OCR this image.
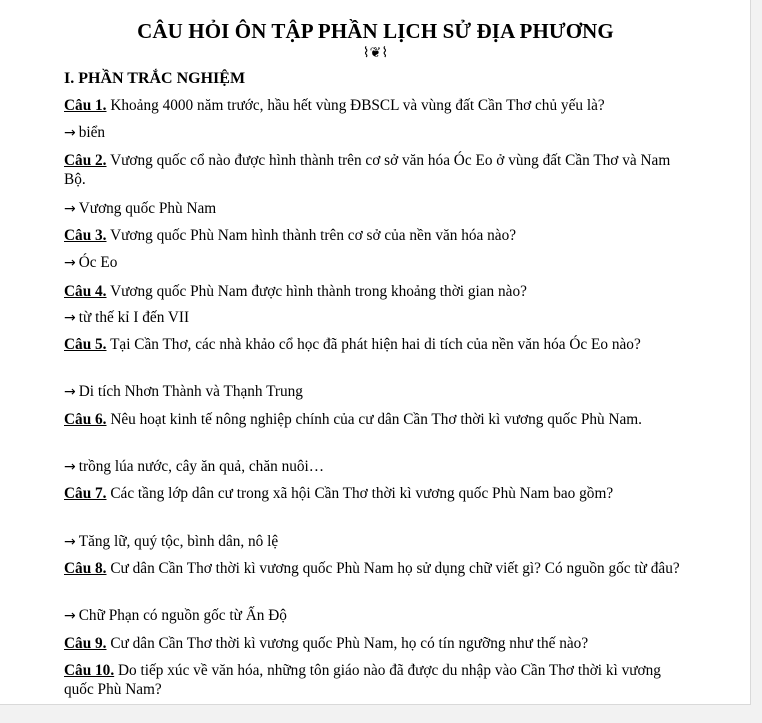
CÂU HỎI ÔN TẬP PHẦN LỊCH SỬ ĐỊA PHƯƠNG
⌇❦⌇
I. PHẦN TRẮC NGHIỆM
Câu 1. Khoảng 4000 năm trước, hầu hết vùng ĐBSCL và vùng đất Cần Thơ chủ yếu là?
→ biển
Câu 2. Vương quốc cổ nào được hình thành trên cơ sở văn hóa Óc Eo ở vùng đất Cần Thơ và Nam Bộ.
→ Vương quốc Phù Nam
Câu 3. Vương quốc Phù Nam hình thành trên cơ sở của nền văn hóa nào?
→ Óc Eo
Câu 4. Vương quốc Phù Nam được hình thành trong khoảng thời gian nào?
→ từ thế kỉ I đến VII
Câu 5. Tại Cần Thơ, các nhà khảo cổ học đã phát hiện hai di tích của nền văn hóa Óc Eo nào?
→ Di tích Nhơn Thành và Thạnh Trung
Câu 6. Nêu hoạt kinh tế nông nghiệp chính của cư dân Cần Thơ thời kì vương quốc Phù Nam.
→ trồng lúa nước, cây ăn quả, chăn nuôi…
Câu 7. Các tầng lớp dân cư trong xã hội Cần Thơ thời kì vương quốc Phù Nam bao gồm?
→ Tăng lữ, quý tộc, bình dân, nô lệ
Câu 8. Cư dân Cần Thơ thời kì vương quốc Phù Nam họ sử dụng chữ viết gì? Có nguồn gốc từ đâu?
→ Chữ Phạn có nguồn gốc từ Ấn Độ
Câu 9. Cư dân Cần Thơ thời kì vương quốc Phù Nam, họ có tín ngưỡng như thế nào?
Câu 10. Do tiếp xúc về văn hóa, những tôn giáo nào đã được du nhập vào Cần Thơ thời kì vương quốc Phù Nam?
